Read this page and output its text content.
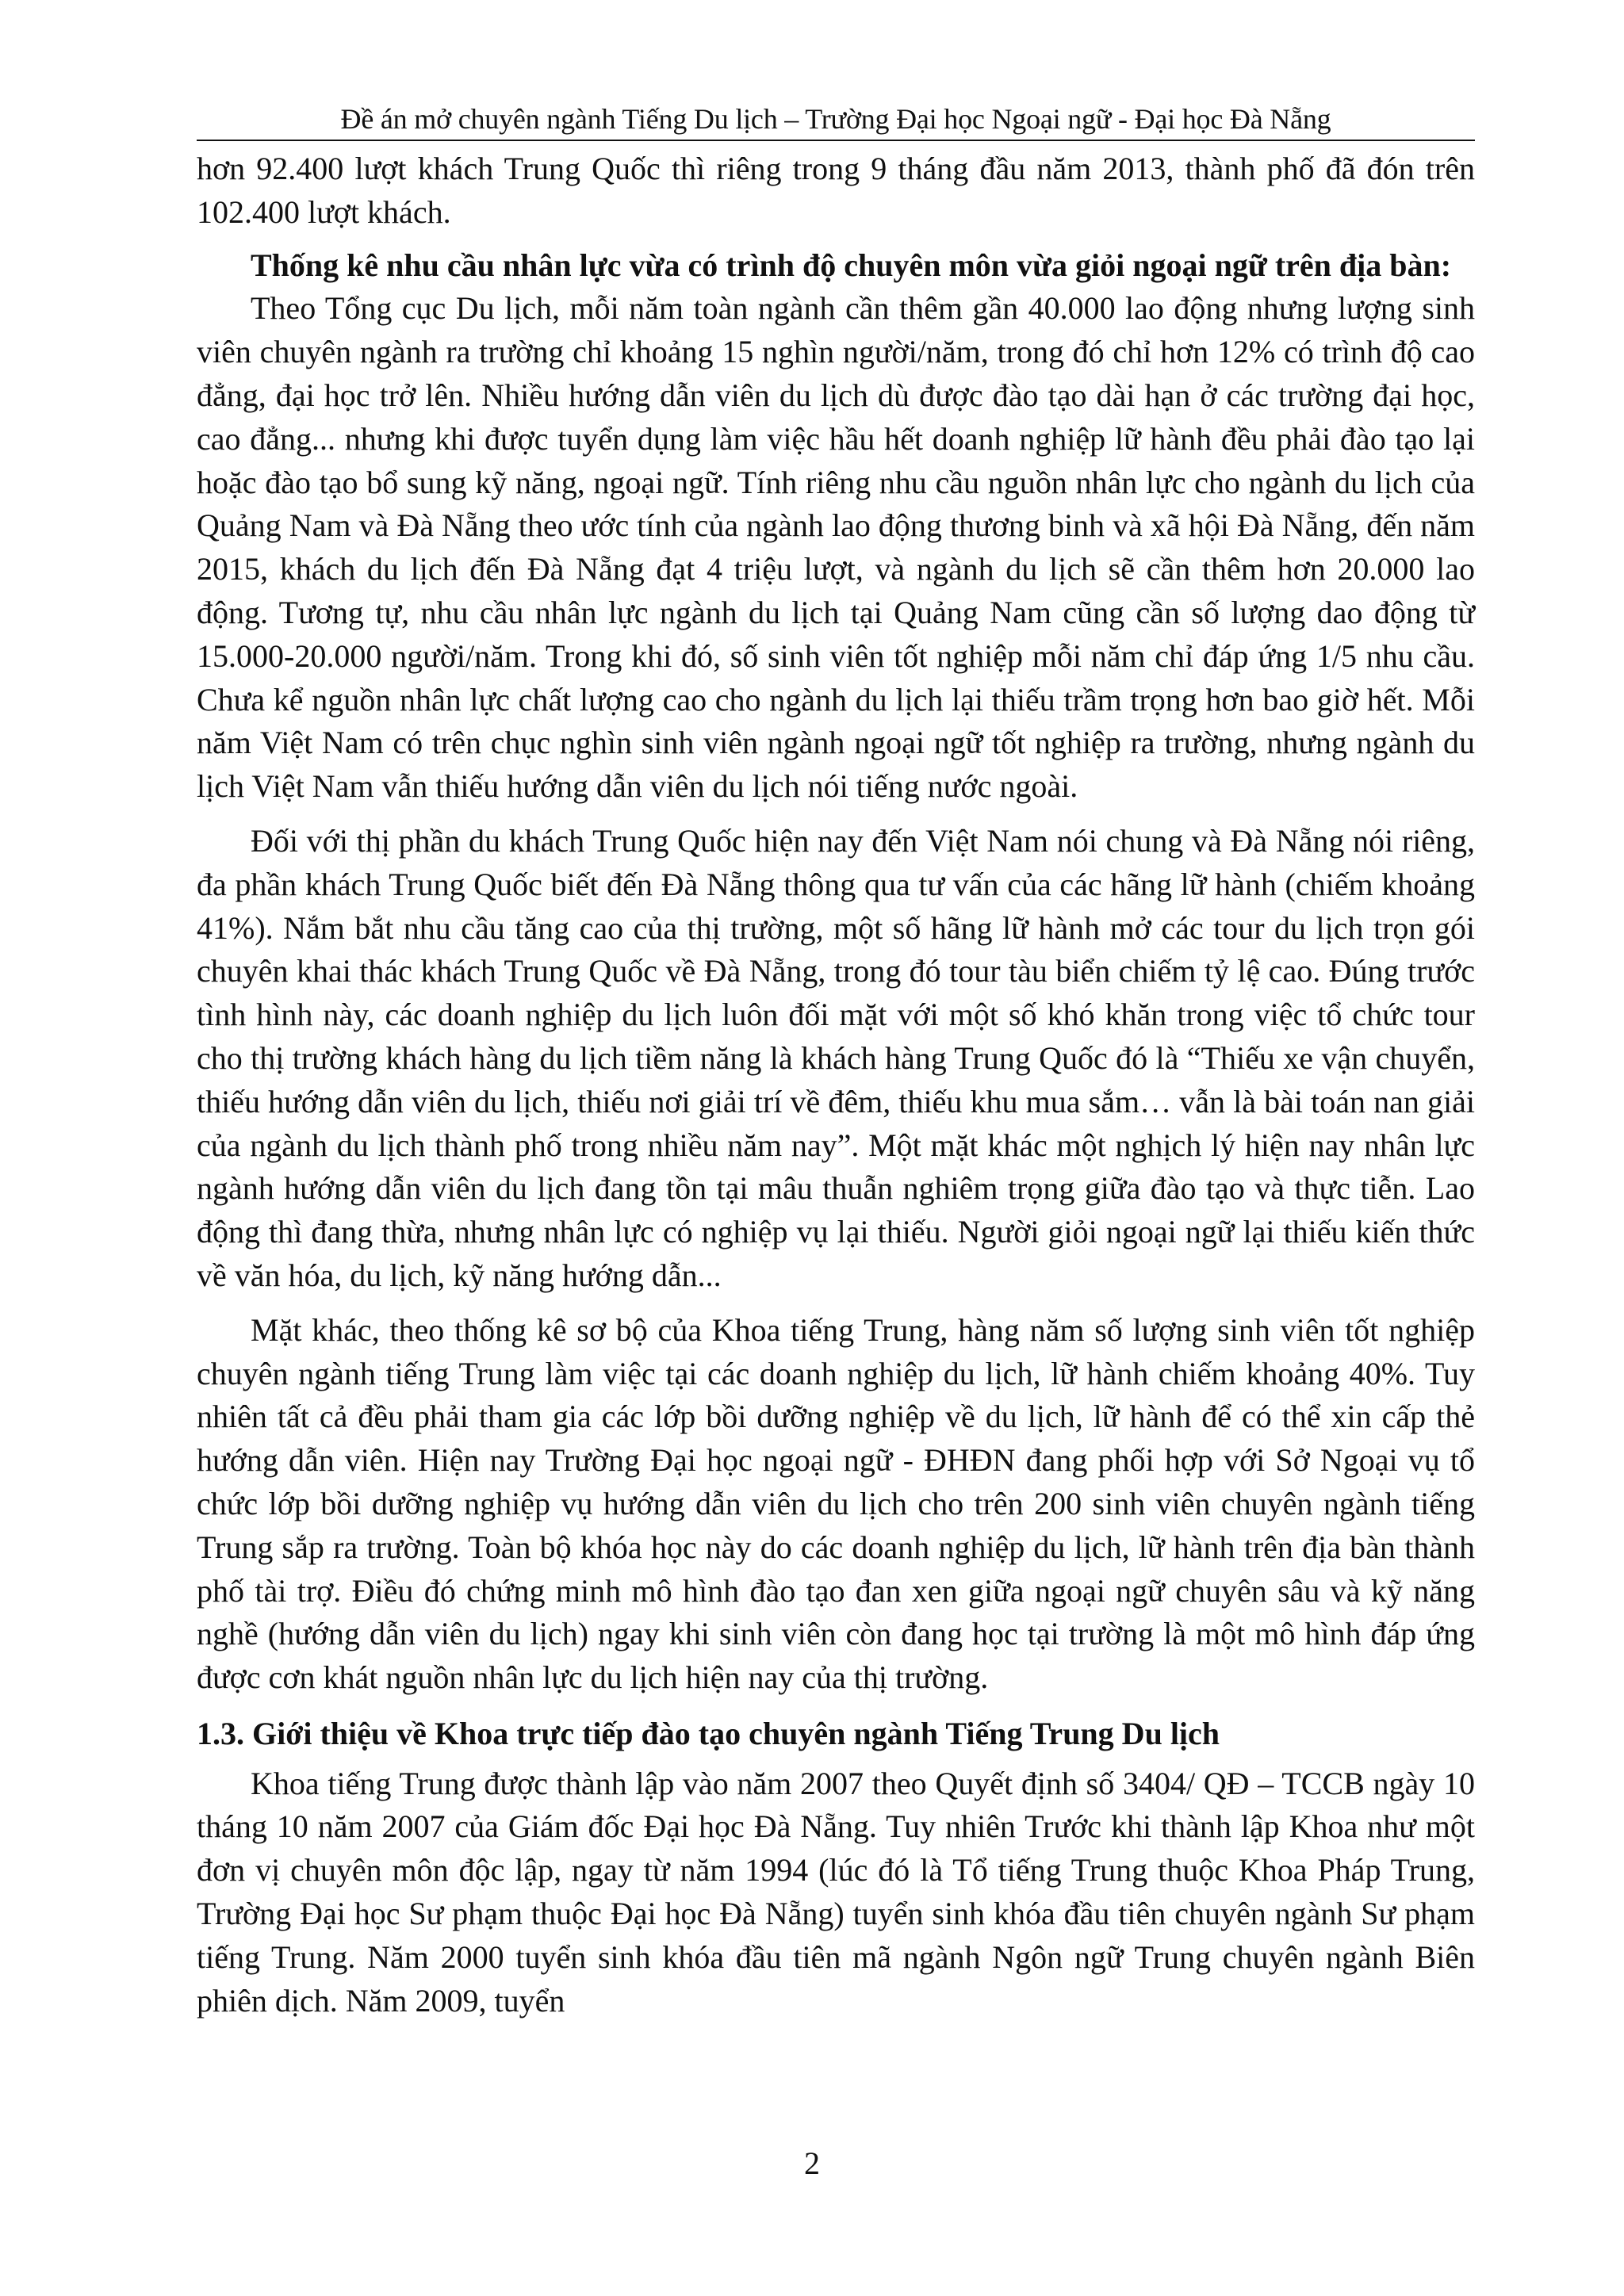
Đề án mở chuyên ngành Tiếng Du lịch – Trường Đại học Ngoại ngữ - Đại học Đà Nẵng

hơn 92.400 lượt khách Trung Quốc thì riêng trong 9 tháng đầu năm 2013, thành phố đã đón trên 102.400 lượt khách.

Thống kê nhu cầu nhân lực vừa có trình độ chuyên môn vừa giỏi ngoại ngữ trên địa bàn:

Theo Tổng cục Du lịch, mỗi năm toàn ngành cần thêm gần 40.000 lao động nhưng lượng sinh viên chuyên ngành ra trường chỉ khoảng 15 nghìn người/năm, trong đó chỉ hơn 12% có trình độ cao đẳng, đại học trở lên. Nhiều hướng dẫn viên du lịch dù được đào tạo dài hạn ở các trường đại học, cao đẳng... nhưng khi được tuyển dụng làm việc hầu hết doanh nghiệp lữ hành đều phải đào tạo lại hoặc đào tạo bổ sung kỹ năng, ngoại ngữ. Tính riêng nhu cầu nguồn nhân lực cho ngành du lịch của Quảng Nam và Đà Nẵng theo ước tính của ngành lao động thương binh và xã hội Đà Nẵng, đến năm 2015, khách du lịch đến Đà Nẵng đạt 4 triệu lượt, và ngành du lịch sẽ cần thêm hơn 20.000 lao động. Tương tự, nhu cầu nhân lực ngành du lịch tại Quảng Nam cũng cần số lượng dao động từ 15.000-20.000 người/năm. Trong khi đó, số sinh viên tốt nghiệp mỗi năm chỉ đáp ứng 1/5 nhu cầu. Chưa kể nguồn nhân lực chất lượng cao cho ngành du lịch lại thiếu trầm trọng hơn bao giờ hết. Mỗi năm Việt Nam có trên chục nghìn sinh viên ngành ngoại ngữ tốt nghiệp ra trường, nhưng ngành du lịch Việt Nam vẫn thiếu hướng dẫn viên du lịch nói tiếng nước ngoài.

Đối với thị phần du khách Trung Quốc hiện nay đến Việt Nam nói chung và Đà Nẵng nói riêng, đa phần khách Trung Quốc biết đến Đà Nẵng thông qua tư vấn của các hãng lữ hành (chiếm khoảng 41%). Nắm bắt nhu cầu tăng cao của thị trường, một số hãng lữ hành mở các tour du lịch trọn gói chuyên khai thác khách Trung Quốc về Đà Nẵng, trong đó tour tàu biển chiếm tỷ lệ cao. Đúng trước tình hình này, các doanh nghiệp du lịch luôn đối mặt với một số khó khăn trong việc tổ chức tour cho thị trường khách hàng du lịch tiềm năng là khách hàng Trung Quốc đó là “Thiếu xe vận chuyển, thiếu hướng dẫn viên du lịch, thiếu nơi giải trí về đêm, thiếu khu mua sắm… vẫn là bài toán nan giải của ngành du lịch thành phố trong nhiều năm nay”. Một mặt khác một nghịch lý hiện nay nhân lực ngành hướng dẫn viên du lịch đang tồn tại mâu thuẫn nghiêm trọng giữa đào tạo và thực tiễn. Lao động thì đang thừa, nhưng nhân lực có nghiệp vụ lại thiếu. Người giỏi ngoại ngữ lại thiếu kiến thức về văn hóa, du lịch, kỹ năng hướng dẫn...

Mặt khác, theo thống kê sơ bộ của Khoa tiếng Trung, hàng năm số lượng sinh viên tốt nghiệp chuyên ngành tiếng Trung làm việc tại các doanh nghiệp du lịch, lữ hành chiếm khoảng 40%. Tuy nhiên tất cả đều phải tham gia các lớp bồi dưỡng nghiệp về du lịch, lữ hành để có thể xin cấp thẻ hướng dẫn viên. Hiện nay Trường Đại học ngoại ngữ - ĐHĐN đang phối hợp với Sở Ngoại vụ tổ chức lớp bồi dưỡng nghiệp vụ hướng dẫn viên du lịch cho trên 200 sinh viên chuyên ngành tiếng Trung sắp ra trường. Toàn bộ khóa học này do các doanh nghiệp du lịch, lữ hành trên địa bàn thành phố tài trợ. Điều đó chứng minh mô hình đào tạo đan xen giữa ngoại ngữ chuyên sâu và kỹ năng nghề (hướng dẫn viên du lịch) ngay khi sinh viên còn đang học tại trường là một mô hình đáp ứng được cơn khát nguồn nhân lực du lịch hiện nay của thị trường.

1.3. Giới thiệu về Khoa trực tiếp đào tạo chuyên ngành Tiếng Trung Du lịch

Khoa tiếng Trung được thành lập vào năm 2007 theo Quyết định số 3404/ QĐ – TCCB ngày 10 tháng 10 năm 2007 của Giám đốc Đại học Đà Nẵng. Tuy nhiên Trước khi thành lập Khoa như một đơn vị chuyên môn độc lập, ngay từ năm 1994 (lúc đó là Tổ tiếng Trung thuộc Khoa Pháp Trung, Trường Đại học Sư phạm thuộc Đại học Đà Nẵng) tuyển sinh khóa đầu tiên chuyên ngành Sư phạm tiếng Trung. Năm 2000 tuyển sinh khóa đầu tiên mã ngành Ngôn ngữ Trung chuyên ngành Biên phiên dịch. Năm 2009, tuyển

2
